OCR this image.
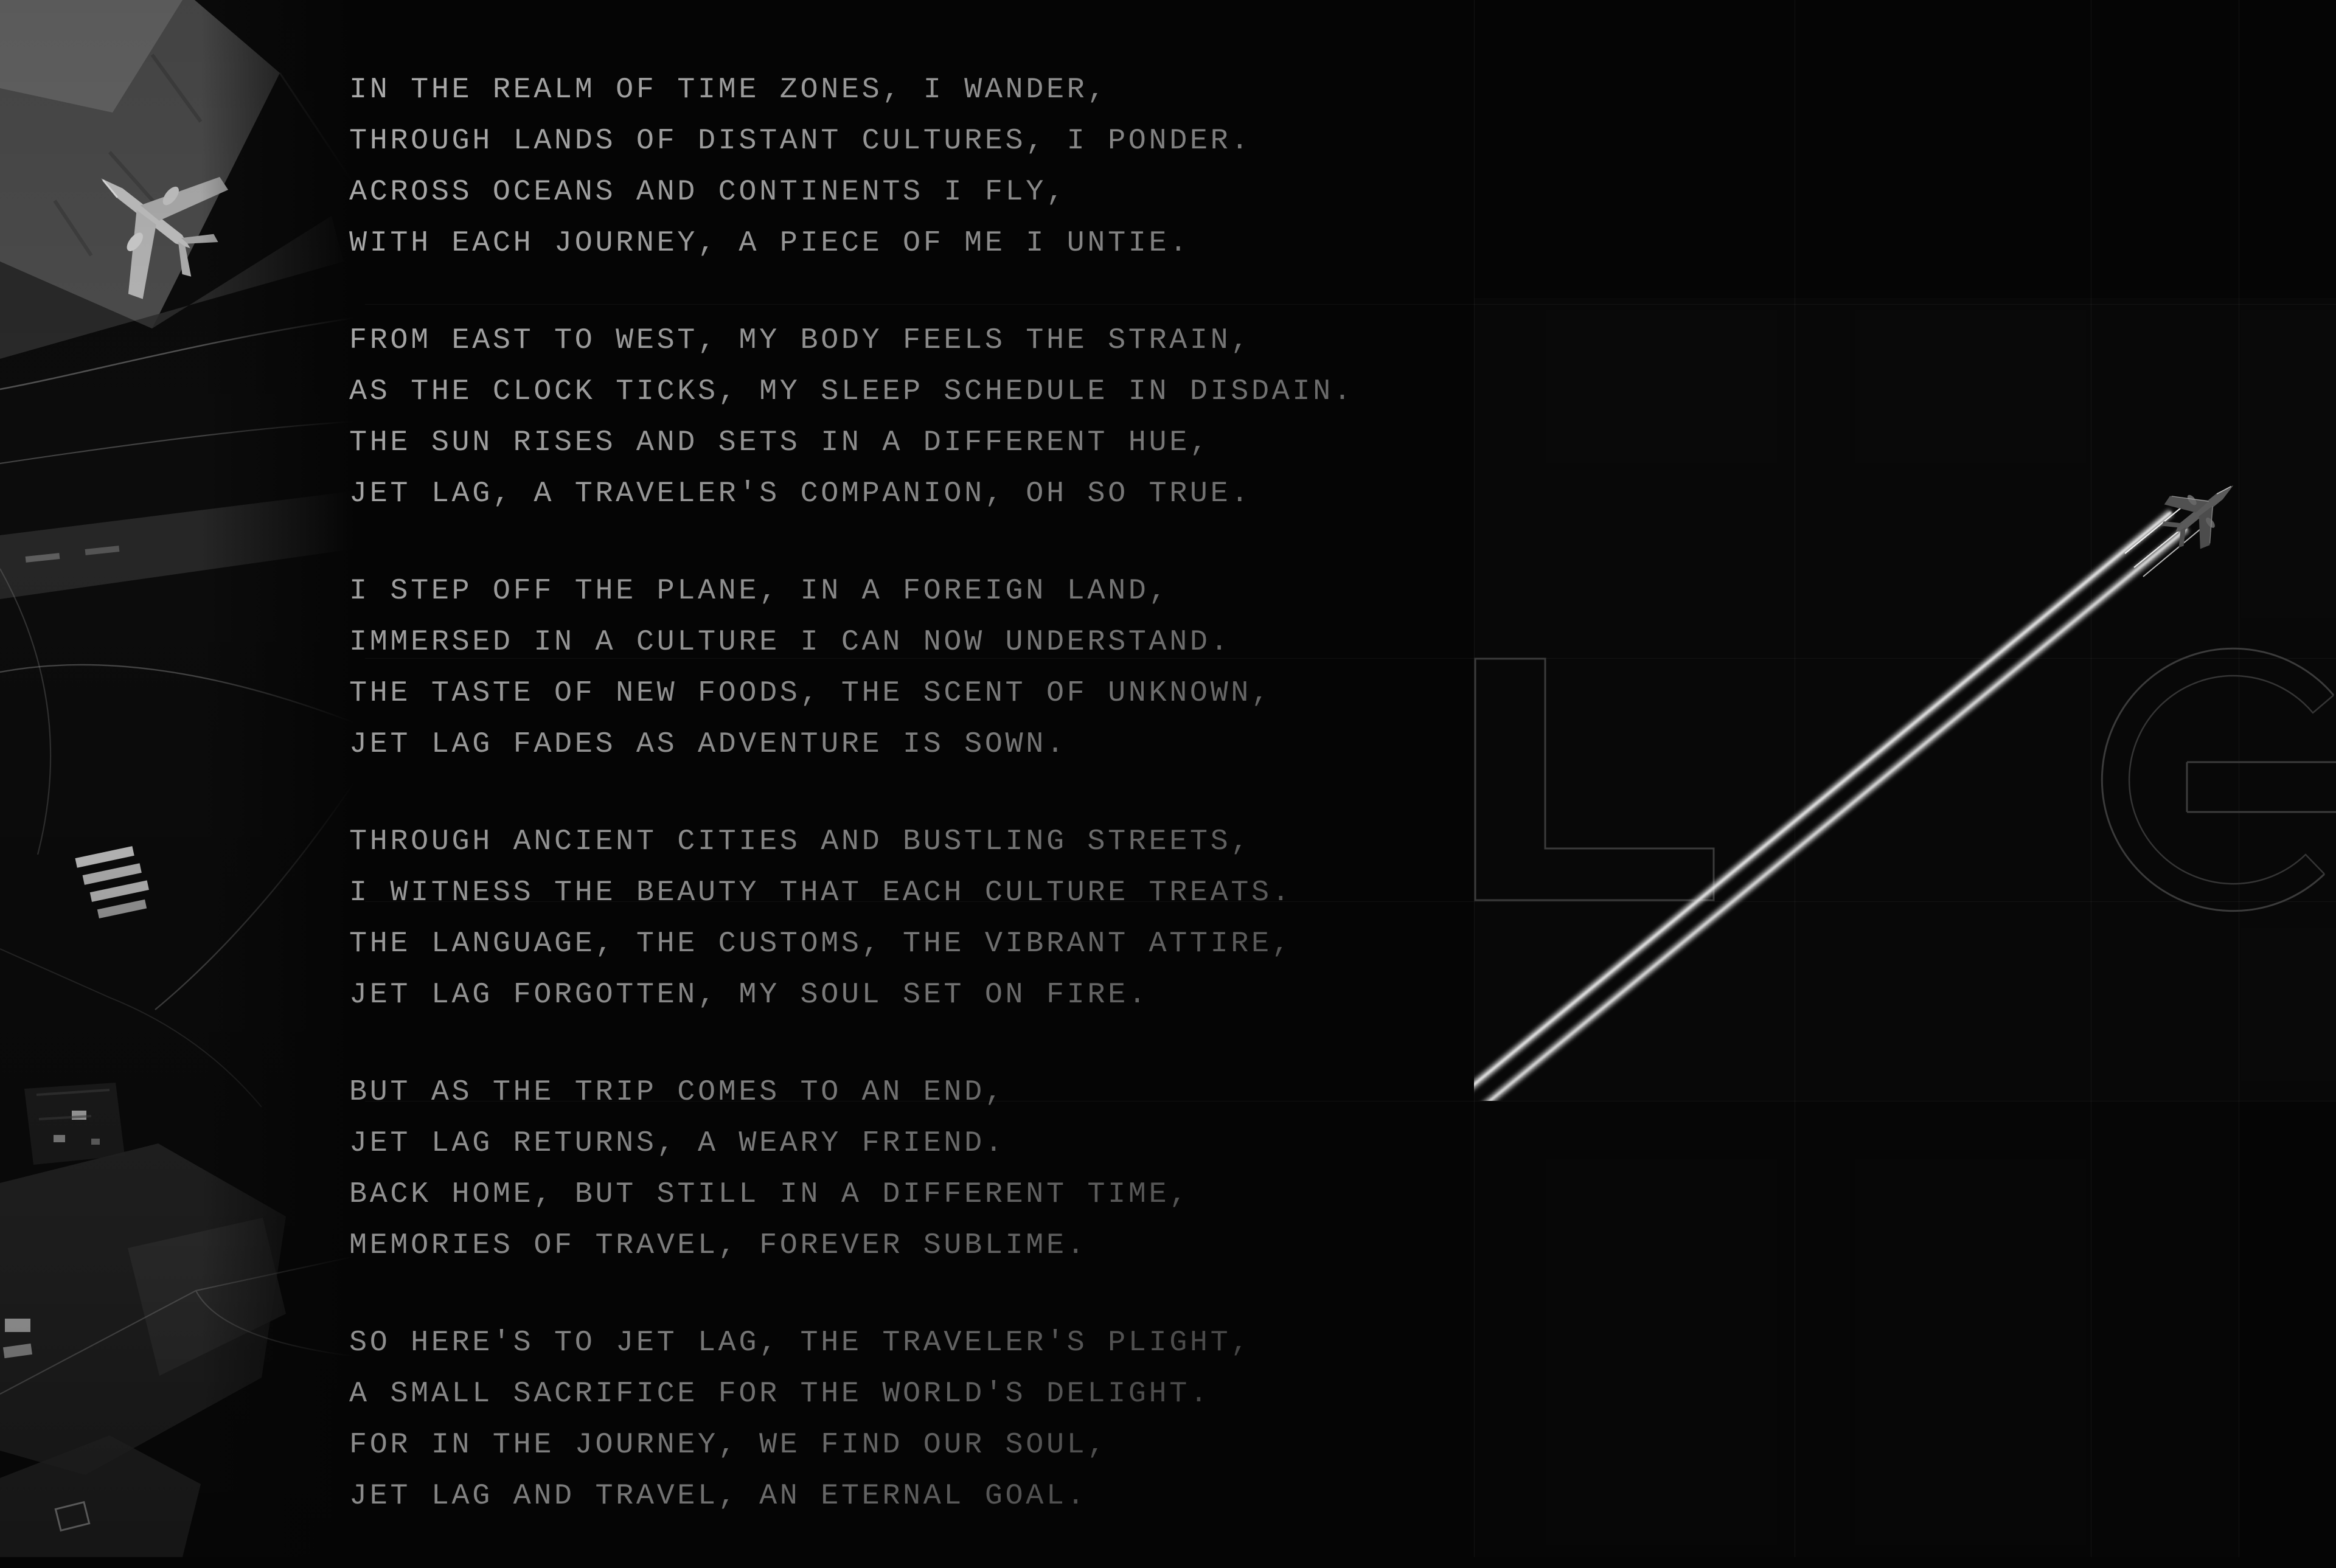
IN THE REALM OF TIME ZONES, I WANDER,

THROUGH LANDS OF DISTANT CULTURES, I PONDER.

ACROSS OCEANS AND CONTINENTS I FLY,

WITH EACH JOURNEY, A PIECE OF ME I UNTIE.

FROM EAST TO WEST, MY BODY FEELS THE STRAIN,

AS THE CLOCK TICKS, MY SLEEP SCHEDULE IN DISDAIN.

THE SUN RISES AND SETS IN A DIFFERENT HUE,

JET LAG, A TRAVELER'S COMPANION, OH SO TRUE.

I STEP OFF THE PLANE, IN A FOREIGN LAND,

IMMERSED IN A CULTURE I CAN NOW UNDERSTAND.

THE TASTE OF NEW FOODS, THE SCENT OF UNKNOWN,

JET LAG FADES AS ADVENTURE IS SOWN.

THROUGH ANCIENT CITIES AND BUSTLING STREETS,

I WITNESS THE BEAUTY THAT EACH CULTURE TREATS.

THE LANGUAGE, THE CUSTOMS, THE VIBRANT ATTIRE,

JET LAG FORGOTTEN, MY SOUL SET ON FIRE.

BUT AS THE TRIP COMES TO AN END,

JET LAG RETURNS, A WEARY FRIEND.

BACK HOME, BUT STILL IN A DIFFERENT TIME,

MEMORIES OF TRAVEL, FOREVER SUBLIME.

SO HERE'S TO JET LAG, THE TRAVELER'S PLIGHT,

A SMALL SACRIFICE FOR THE WORLD'S DELIGHT.

FOR IN THE JOURNEY, WE FIND OUR SOUL,

JET LAG AND TRAVEL, AN ETERNAL GOAL.
